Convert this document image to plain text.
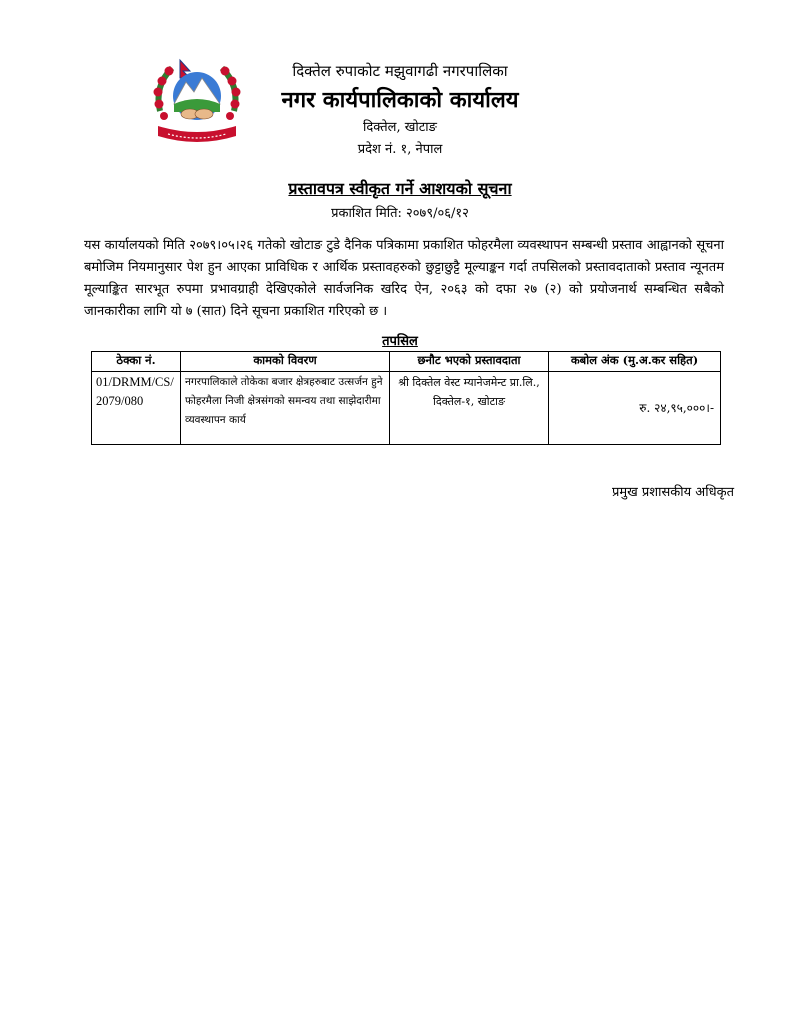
दिक्तेल रुपाकोट मझुवागढी नगरपालिका
नगर कार्यपालिकाको कार्यालय
दिक्तेल, खोटाङ
प्रदेश नं. १, नेपाल
प्रस्तावपत्र स्वीकृत गर्ने आशयको सूचना
प्रकाशित मिति: २०७९/०६/१२
यस कार्यालयको मिति २०७९।०५।२६ गतेको खोटाङ टुडे दैनिक पत्रिकामा प्रकाशित फोहरमैला व्यवस्थापन सम्बन्धी प्रस्ताव आह्वानको सूचना बमोजिम नियमानुसार पेश हुन आएका प्राविधिक र आर्थिक प्रस्तावहरुको छुट्टाछुट्टै मूल्याङ्कन गर्दा तपसिलको प्रस्तावदाताको प्रस्ताव न्यूनतम मूल्याङ्कित सारभूत रुपमा प्रभावग्राही देखिएकोले सार्वजनिक खरिद ऐन, २०६३ को दफा २७ (२) को प्रयोजनार्थ सम्बन्धित सबैको जानकारीका लागि यो ७ (सात) दिने सूचना प्रकाशित गरिएको छ ।
तपसिल
ठेक्का नं.	कामको विवरण	छनौट भएको प्रस्तावदाता	कबोल अंक (मु.अ.कर सहित)
01/DRMM/CS/2079/080	नगरपालिकाले तोकेका बजार क्षेत्रहरुबाट उत्सर्जन हुने फोहरमैला निजी क्षेत्रसंगको समन्वय तथा साझेदारीमा व्यवस्थापन कार्य	श्री दिक्तेल वेस्ट म्यानेजमेन्ट प्रा.लि., दिक्तेल-१, खोटाङ	रु. २४,९५,०००।-
प्रमुख प्रशासकीय अधिकृत
